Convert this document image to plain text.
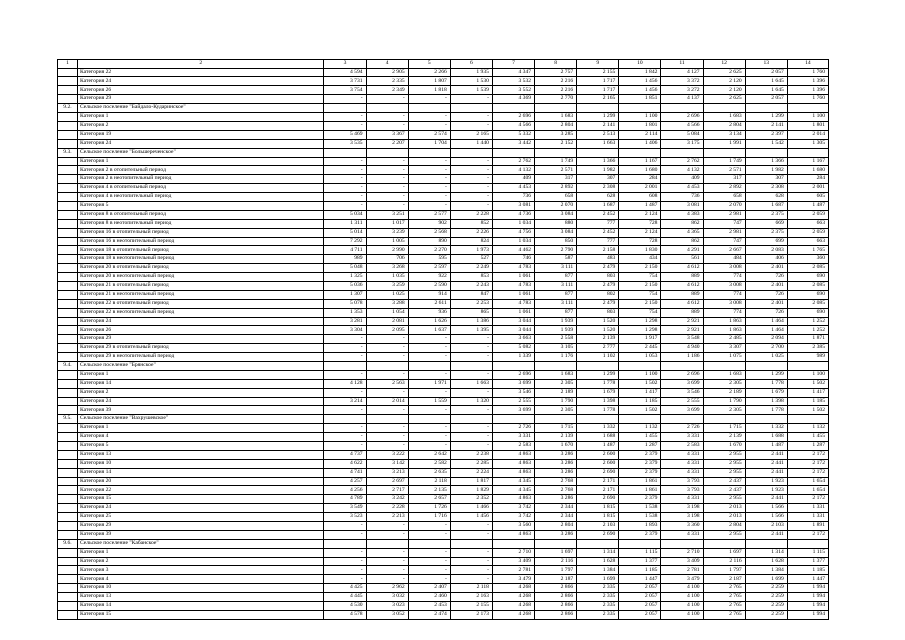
1	2	3	4	5	6	7	8	9	10	11	12	13	14
	Категория 22	4 594	2 905	2 266	1 935	4 347	2 757	2 155	1 842	4 127	2 625	2 057	1 760
	Категория 24	3 731	2 335	1 807	1 530	3 532	2 216	1 717	1 456	3 372	2 120	1 645	1 396
	Категория 26	3 754	2 349	1 818	1 539	3 552	2 216	1 717	1 456	3 272	2 120	1 645	1 396
	Категория 29	-	-	-	-	4 369	2 770	2 165	1 851	4 137	2 625	2 057	1 760
9.2.	Сельское поселение "Байдало-Кударинское"												
	Категория 1	-	-	-	-	2 696	1 683	1 299	1 100	2 696	1 683	1 299	1 100
	Категория 2	-	-	-	-	4 566	2 804	2 141	1 801	4 566	2 804	2 141	1 801
	Категория 19	5 469	3 367	2 574	2 165	5 332	3 285	2 513	2 114	5 084	3 134	2 397	2 014
	Категория 24	3 535	2 207	1 704	1 440	3 442	2 152	1 663	1 406	3 175	1 991	1 542	1 305
9.3.	Сельское поселение "Большереченское"												
	Категория 1	-	-	-	-	2 762	1 749	1 366	1 167	2 762	1 749	1 366	1 167
	Категория 2 в отопительный период	-	-	-	-	4 132	2 571	1 982	1 680	4 132	2 571	1 982	1 680
	Категория 2 в неотопительный период	-	-	-	-	409	317	307	284	409	317	307	284
	Категория 4 в отопительный период	-	-	-	-	4 453	2 892	2 308	2 001	4 453	2 892	2 308	2 001
	Категория 4 в неотопительный период	-	-	-	-	736	658	628	608	736	658	628	605
	Категория 5	-	-	-	-	3 081	2 070	1 687	1 487	3 081	2 070	1 687	1 487
	Категория 8 в отопительный период	5 034	3 251	2 577	2 228	4 736	3 084	2 452	2 124	4 383	2 981	2 375	2 059
	Категория 8 в неотопительный период	1 311	1 017	902	852	1 034	880	777	728	862	747	669	663
	Категория 16 в отопительный период	5 014	3 239	2 568	2 226	4 756	3 084	2 452	2 124	4 365	2 981	2 375	2 059
	Категория 16 в неотопительный период	7 292	1 005	890	824	1 034	850	777	728	862	747	699	663
	Категория 18 в отопительный период	4 711	2 990	2 270	1 973	4 462	2 790	2 158	1 830	4 291	2 667	2 083	1 765
	Категория 18 в неотопительный период	989	706	595	527	746	587	483	434	561	484	406	360
	Категория 20 в отопительный период	5 048	3 268	2 597	2 249	4 783	3 111	2 479	2 150	4 612	3 008	2 401	2 085
	Категория 20 в неотопительный период	1 325	1 035	922	853	1 061	877	803	754	889	774	726	690
	Категория 21 в отопительный период	5 036	3 259	2 590	2 243	4 783	3 111	2 479	2 150	4 612	3 008	2 401	2 085
	Категория 21 в неотопительный период	1 307	1 025	914	847	1 061	877	802	754	889	774	726	690
	Категория 22 в отопительный период	5 078	3 288	2 611	2 253	4 783	3 111	2 479	2 150	4 612	3 008	2 401	2 085
	Категория 22 в неотопительный период	1 353	1 054	936	865	1 061	877	803	754	889	774	726	690
	Категория 24	3 281	2 081	1 626	1 386	3 044	1 939	1 520	1 298	2 921	1 863	1 464	1 252
	Категория 26	3 304	2 095	1 637	1 395	3 044	1 939	1 520	1 298	2 921	1 863	1 464	1 252
	Категория 29	-	-	-	-	3 663	2 558	2 139	1 917	3 548	2 485	2 094	1 871
	Категория 29 в отопительный период	-	-	-	-	5 082	3 105	2 777	2 445	4 940	3 307	2 700	2 385
	Категория 29 в неотопительный период	-	-	-	-	1 339	1 176	1 102	1 053	1 186	1 075	1 025	989
9.4.	Сельское поселение "Брянское"												
	Категория 1	-	-	-	-	2 696	1 683	1 299	1 100	2 696	1 683	1 299	1 100
	Категория 14	4 128	2 563	1 971	1 663	3 699	2 305	1 778	1 502	3 699	2 305	1 778	1 502
	Категория 2	-	-	-	-	3 546	2 189	1 679	1 417	3 546	2 189	1 679	1 417
	Категория 24	3 214	2 014	1 559	1 320	2 555	1 790	1 398	1 185	2 555	1 790	1 398	1 185
	Категория 39	-	-	-	-	3 699	2 305	1 778	1 502	3 699	2 305	1 778	1 502
9.5.	Сельское поселение "Вахрушевское"												
	Категория 1	-	-	-	-	2 726	1 715	1 332	1 132	2 726	1 715	1 332	1 132
	Категория 4	-	-	-	-	3 331	2 139	1 688	1 455	3 331	2 139	1 688	1 455
	Категория 5	-	-	-	-	2 583	1 670	1 487	1 287	2 583	1 670	1 487	1 287
	Категория 13	4 737	3 222	2 642	2 238	4 863	3 286	2 600	2 379	4 331	2 955	2 441	2 172
	Категория 10	4 622	3 142	2 582	2 285	4 863	3 286	2 600	2 379	4 331	2 955	2 441	2 172
	Категория 14	4 741	3 213	2 635	2 224	4 863	3 286	2 690	2 379	4 331	2 955	2 441	2 172
	Категория 20	4 257	2 697	2 118	1 817	4 345	2 768	2 171	1 861	3 793	2 437	1 923	1 654
	Категория 22	4 256	2 717	2 135	1 829	4 345	2 768	2 171	1 861	3 793	2 437	1 923	1 654
	Категория 15	4 789	3 242	2 657	2 352	4 863	3 286	2 690	2 379	4 331	2 955	2 441	2 172
	Категория 24	3 549	2 228	1 726	1 466	3 742	2 344	1 815	1 538	3 198	2 013	1 566	1 331
	Категория 25	3 523	2 213	1 716	1 456	3 742	2 344	1 815	1 538	3 198	2 013	1 566	1 331
	Категория 29	-	-	-	-	3 560	2 804	2 103	1 893	3 360	2 804	2 103	1 891
	Категория 39	-	-	-	-	4 863	3 286	2 690	2 379	4 331	2 955	2 441	2 172
9.6.	Сельское поселение "Кабанское"												
	Категория 1	-	-	-	-	2 710	1 697	1 314	1 115	2 710	1 697	1 314	1 115
	Категория 2	-	-	-	-	3 409	2 116	1 628	1 377	3 409	2 116	1 628	1 377
	Категория 3	-	-	-	-	2 781	1 797	1 384	1 185	2 781	1 797	1 384	1 185
	Категория 4	-	-	-	-	3 479	2 187	1 699	1 447	3 479	2 187	1 699	1 447
	Категория 10	4 425	2 962	2 407	2 118	4 268	2 866	2 335	2 057	4 100	2 765	2 259	1 994
	Категория 13	4 445	3 032	2 460	2 163	4 268	2 866	2 335	2 057	4 100	2 765	2 259	1 994
	Категория 14	4 530	3 023	2 453	2 155	4 268	2 866	2 335	2 057	4 100	2 765	2 259	1 994
	Категория 15	4 578	3 052	2 474	2 173	4 268	2 866	2 335	2 057	4 100	2 765	2 259	1 994
